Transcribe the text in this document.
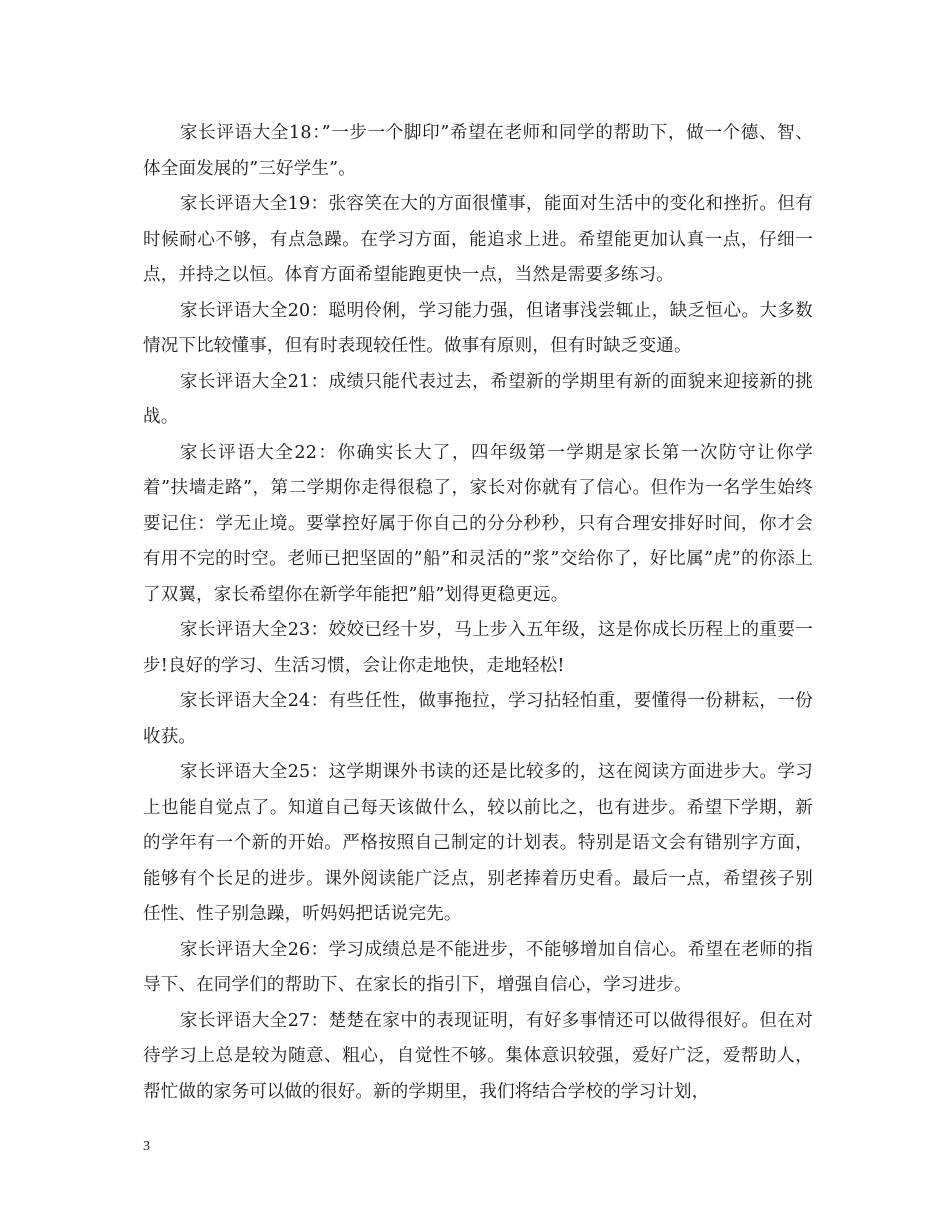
家长评语大全18：”一步一个脚印”希望在老师和同学的帮助下，做一个德、智、体全面发展的”三好学生”。

家长评语大全19：张容笑在大的方面很懂事，能面对生活中的变化和挫折。但有时候耐心不够，有点急躁。在学习方面，能追求上进。希望能更加认真一点，仔细一点，并持之以恒。体育方面希望能跑更快一点，当然是需要多练习。

家长评语大全20：聪明伶俐，学习能力强，但诸事浅尝辄止，缺乏恒心。大多数情况下比较懂事，但有时表现较任性。做事有原则，但有时缺乏变通。

家长评语大全21：成绩只能代表过去，希望新的学期里有新的面貌来迎接新的挑战。

家长评语大全22：你确实长大了，四年级第一学期是家长第一次防守让你学着”扶墙走路”，第二学期你走得很稳了，家长对你就有了信心。但作为一名学生始终要记住：学无止境。要掌控好属于你自己的分分秒秒，只有合理安排好时间，你才会有用不完的时空。老师已把坚固的”船”和灵活的”浆”交给你了，好比属”虎”的你添上了双翼，家长希望你在新学年能把”船”划得更稳更远。

家长评语大全23：姣姣已经十岁，马上步入五年级，这是你成长历程上的重要一步!良好的学习、生活习惯，会让你走地快，走地轻松!

家长评语大全24：有些任性，做事拖拉，学习拈轻怕重，要懂得一份耕耘，一份收获。

家长评语大全25：这学期课外书读的还是比较多的，这在阅读方面进步大。学习上也能自觉点了。知道自己每天该做什么，较以前比之，也有进步。希望下学期，新的学年有一个新的开始。严格按照自己制定的计划表。特别是语文会有错别字方面，能够有个长足的进步。课外阅读能广泛点，别老捧着历史看。最后一点，希望孩子别任性、性子别急躁，听妈妈把话说完先。

家长评语大全26：学习成绩总是不能进步，不能够增加自信心。希望在老师的指导下、在同学们的帮助下、在家长的指引下，增强自信心，学习进步。

家长评语大全27：楚楚在家中的表现证明，有好多事情还可以做得很好。但在对待学习上总是较为随意、粗心，自觉性不够。集体意识较强，爱好广泛，爱帮助人，帮忙做的家务可以做的很好。新的学期里，我们将结合学校的学习计划，

3
